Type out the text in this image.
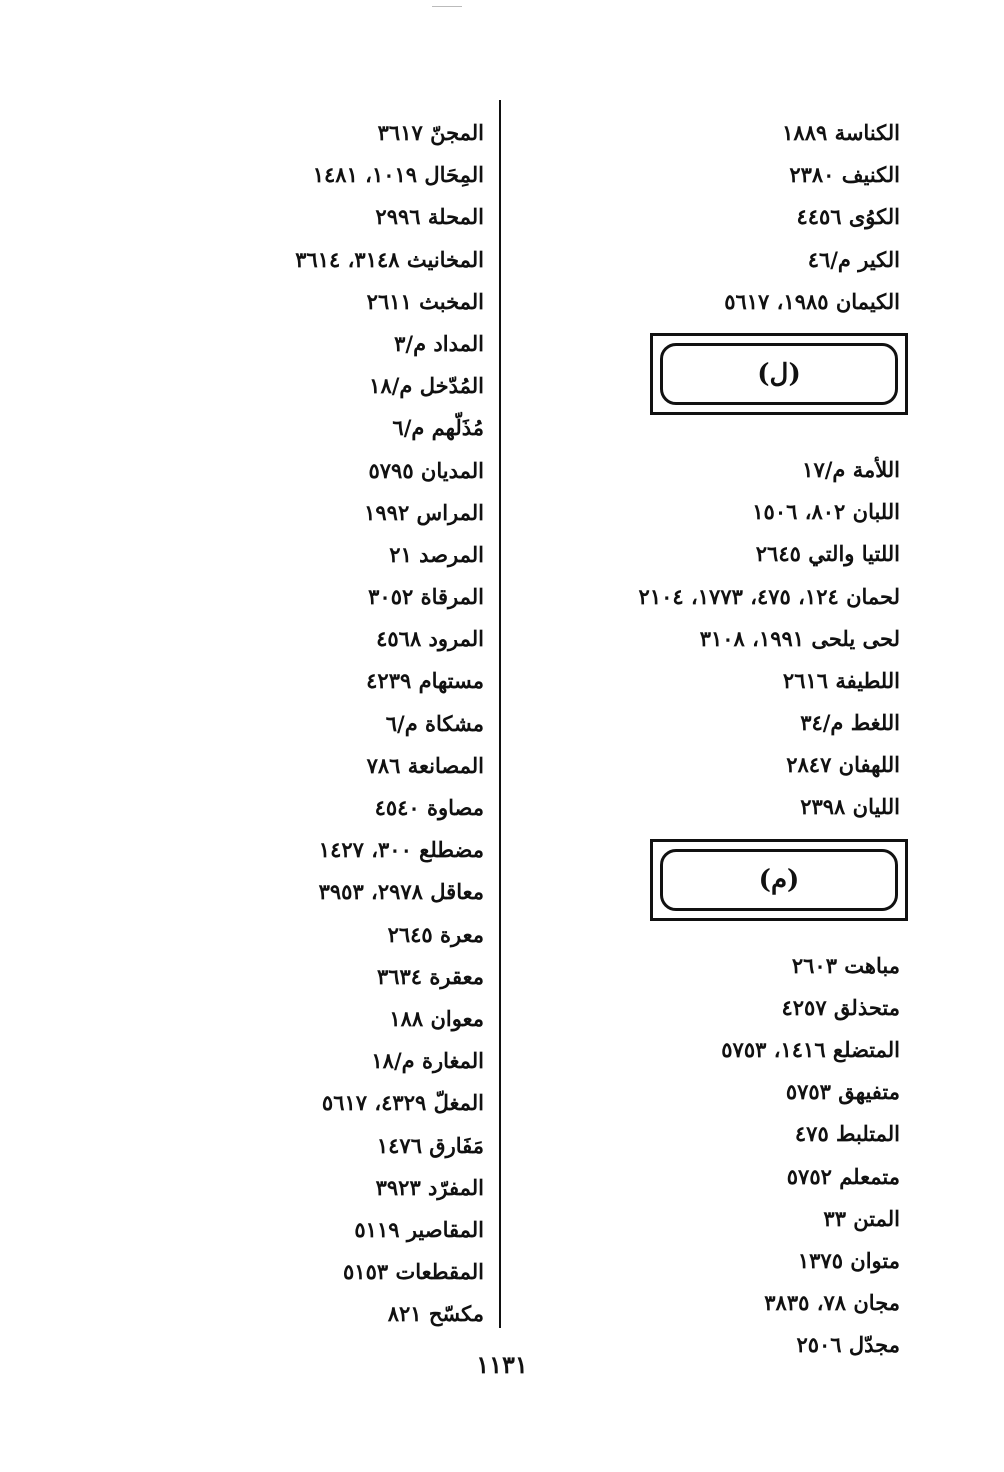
الكناسة ١٨٨٩
الكنيف ٢٣٨٠
الكوُى ٤٤٥٦
الكير م/٤٦
الكيمان ١٩٨٥، ٥٦١٧
(ل)
اللأمة م/١٧
اللبان ٨٠٢، ١٥٠٦
اللتيا والتي ٢٦٤٥
لحمان ١٢٤، ٤٧٥، ١٧٧٣، ٢١٠٤
لحى يلحى ١٩٩١، ٣١٠٨
اللطيفة ٢٦١٦
اللغط م/٣٤
اللهفان ٢٨٤٧
الليان ٢٣٩٨
(م)
مباهت ٢٦٠٣
متحذلق ٤٢٥٧
المتضلع ١٤١٦، ٥٧٥٣
متفيهق ٥٧٥٣
المتلبط ٤٧٥
متمعلم ٥٧٥٢
المتن ٣٣
متوان ١٣٧٥
مجان ٧٨، ٣٨٣٥
مجدّل ٢٥٠٦
المجنّ ٣٦١٧
المِحَال ١٠١٩، ١٤٨١
المحلة ٢٩٩٦
المخانيث ٣١٤٨، ٣٦١٤
المخبث ٢٦١١
المداد م/٣
المُدّخل م/١٨
مُذَلّهم م/٦
المديان ٥٧٩٥
المراس ١٩٩٢
المرصد ٢١
المرقاة ٣٠٥٢
المرود ٤٥٦٨
مستهام ٤٢٣٩
مشكاة م/٦
المصانعة ٧٨٦
مصاوة ٤٥٤٠
مضطلع ٣٠٠، ١٤٢٧
معاقل ٢٩٧٨، ٣٩٥٣
معرة ٢٦٤٥
معقرة ٣٦٣٤
معوان ١٨٨
المغارة م/١٨
المغلّ ٤٣٢٩، ٥٦١٧
مَفَارق ١٤٧٦
المفرّد ٣٩٢٣
المقاصير ٥١١٩
المقطعات ٥١٥٣
مكسّح ٨٢١
١١٣١
